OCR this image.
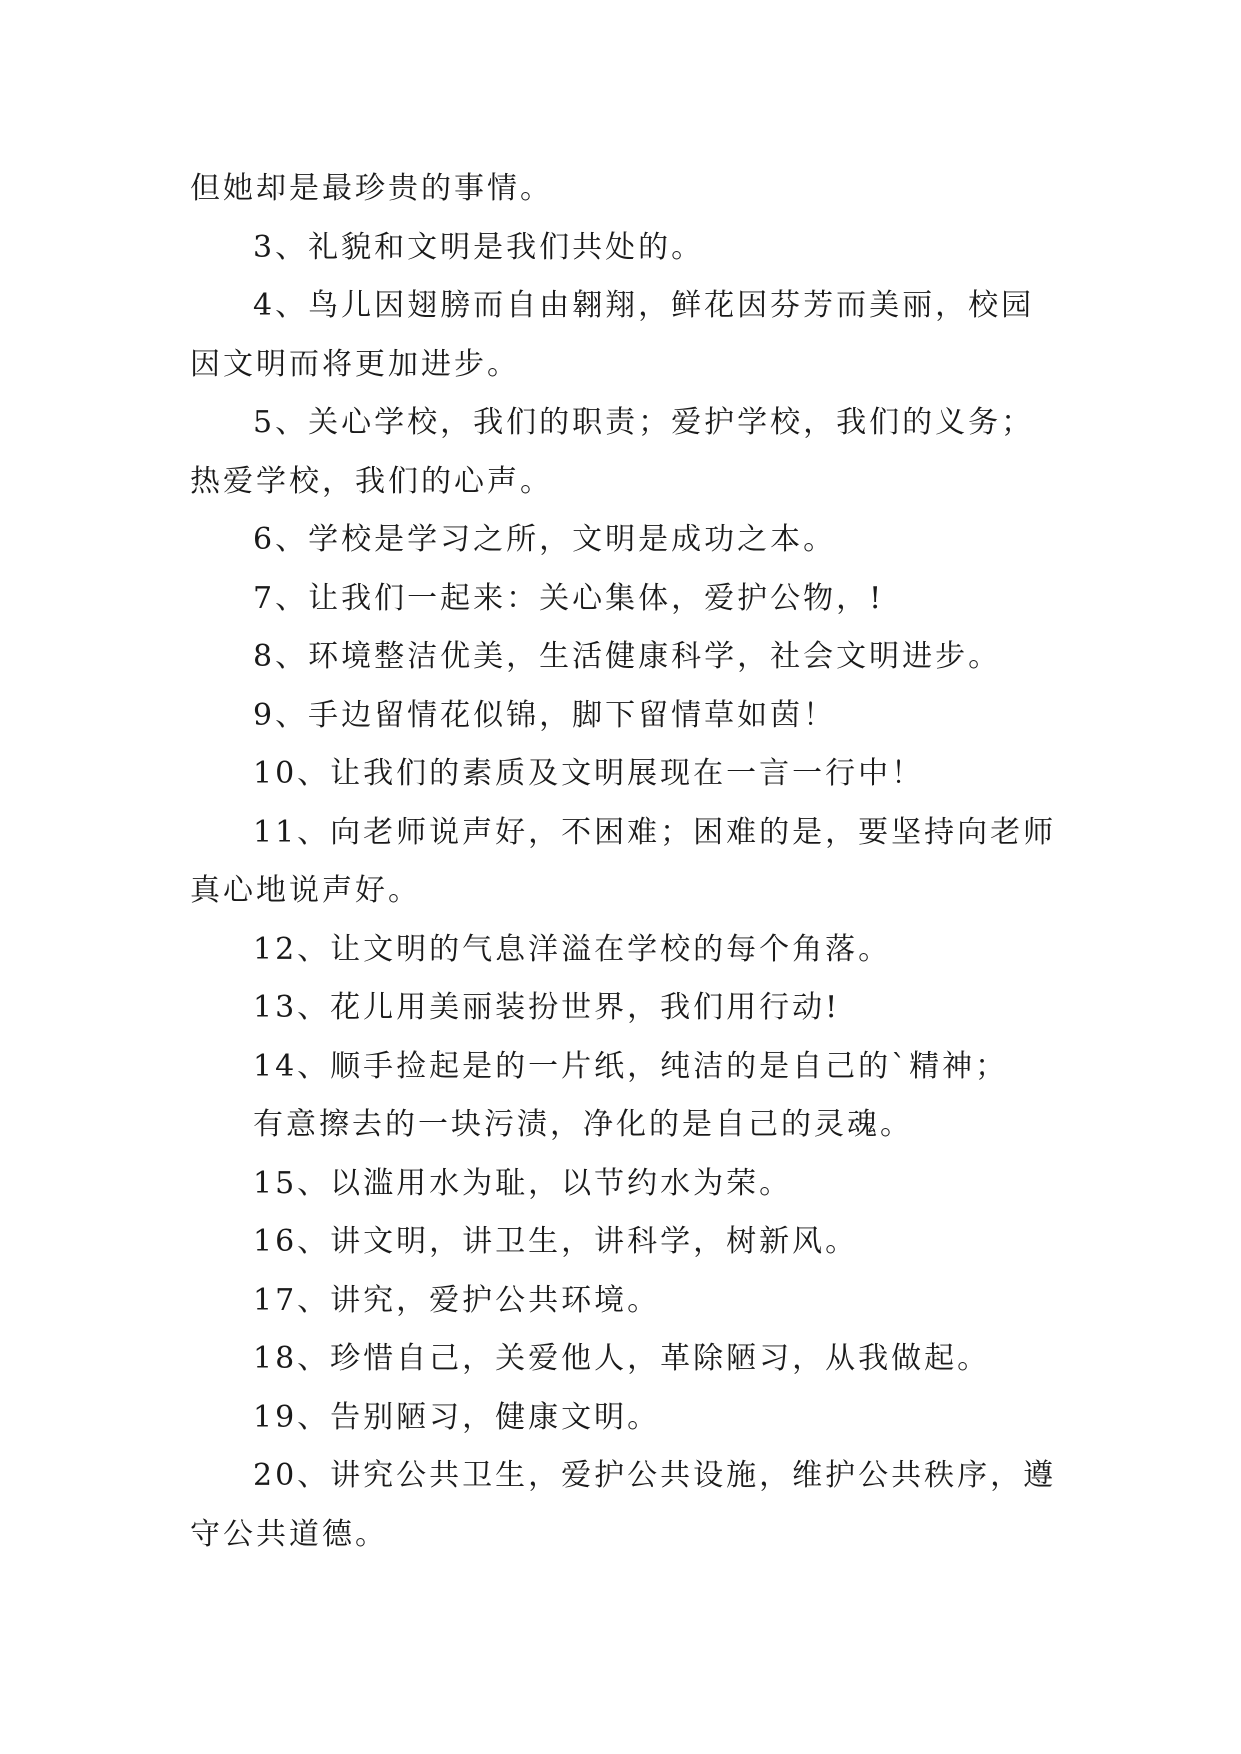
但她却是最珍贵的事情。
3、礼貌和文明是我们共处的。
4、鸟儿因翅膀而自由翱翔，鲜花因芬芳而美丽，校园
因文明而将更加进步。
5、关心学校，我们的职责；爱护学校，我们的义务；
热爱学校，我们的心声。
6、学校是学习之所，文明是成功之本。
7、让我们一起来：关心集体，爱护公物，!
8、环境整洁优美，生活健康科学，社会文明进步。
9、手边留情花似锦，脚下留情草如茵！
10、让我们的素质及文明展现在一言一行中！
11、向老师说声好，不困难；困难的是，要坚持向老师
真心地说声好。
12、让文明的气息洋溢在学校的每个角落。
13、花儿用美丽装扮世界，我们用行动!
14、顺手捡起是的一片纸，纯洁的是自己的`精神；
有意擦去的一块污渍，净化的是自己的灵魂。
15、以滥用水为耻，以节约水为荣。
16、讲文明，讲卫生，讲科学，树新风。
17、讲究，爱护公共环境。
18、珍惜自己，关爱他人，革除陋习，从我做起。
19、告别陋习，健康文明。
20、讲究公共卫生，爱护公共设施，维护公共秩序，遵
守公共道德。
